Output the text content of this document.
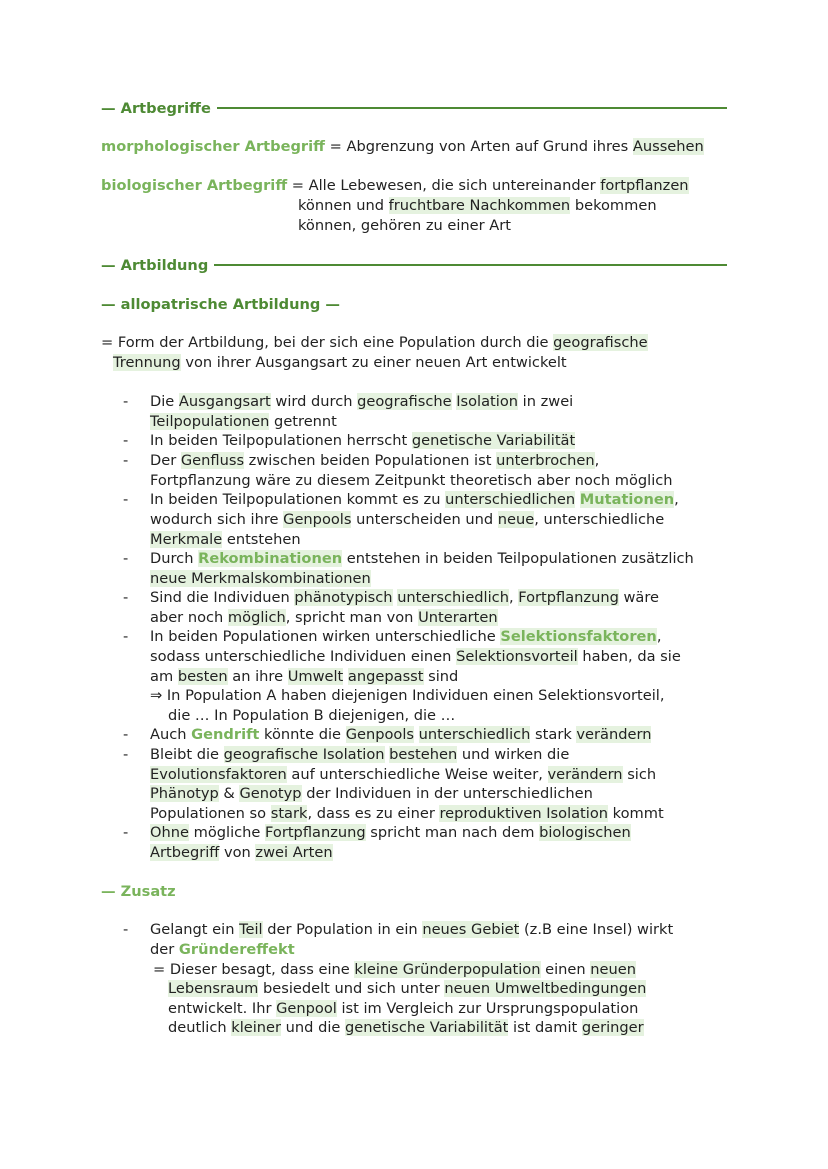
— Artbegriffe
morphologischer Artbegriff = Abgrenzung von Arten auf Grund ihres Aussehen
biologischer Artbegriff = Alle Lebewesen, die sich untereinander fortpflanzen
können und fruchtbare Nachkommen bekommen
können, gehören zu einer Art
— Artbildung
— allopatrische Artbildung —
= Form der Artbildung, bei der sich eine Population durch die geografische
Trennung von ihrer Ausgangsart zu einer neuen Art entwickelt
- Die Ausgangsart wird durch geografische Isolation in zwei
Teilpopulationen getrennt
- In beiden Teilpopulationen herrscht genetische Variabilität
- Der Genfluss zwischen beiden Populationen ist unterbrochen,
Fortpflanzung wäre zu diesem Zeitpunkt theoretisch aber noch möglich
- In beiden Teilpopulationen kommt es zu unterschiedlichen Mutationen,
wodurch sich ihre Genpools unterscheiden und neue, unterschiedliche
Merkmale entstehen
- Durch Rekombinationen entstehen in beiden Teilpopulationen zusätzlich
neue Merkmalskombinationen
- Sind die Individuen phänotypisch unterschiedlich, Fortpflanzung wäre
aber noch möglich, spricht man von Unterarten
- In beiden Populationen wirken unterschiedliche Selektionsfaktoren,
sodass unterschiedliche Individuen einen Selektionsvorteil haben, da sie
am besten an ihre Umwelt angepasst sind
⇒ In Population A haben diejenigen Individuen einen Selektionsvorteil,
die … In Population B diejenigen, die …
- Auch Gendrift könnte die Genpools unterschiedlich stark verändern
- Bleibt die geografische Isolation bestehen und wirken die
Evolutionsfaktoren auf unterschiedliche Weise weiter, verändern sich
Phänotyp & Genotyp der Individuen in der unterschiedlichen
Populationen so stark, dass es zu einer reproduktiven Isolation kommt
- Ohne mögliche Fortpflanzung spricht man nach dem biologischen
Artbegriff von zwei Arten
— Zusatz
- Gelangt ein Teil der Population in ein neues Gebiet (z.B eine Insel) wirkt
der Gründereffekt
= Dieser besagt, dass eine kleine Gründerpopulation einen neuen
Lebensraum besiedelt und sich unter neuen Umweltbedingungen
entwickelt. Ihr Genpool ist im Vergleich zur Ursprungspopulation
deutlich kleiner und die genetische Variabilität ist damit geringer
